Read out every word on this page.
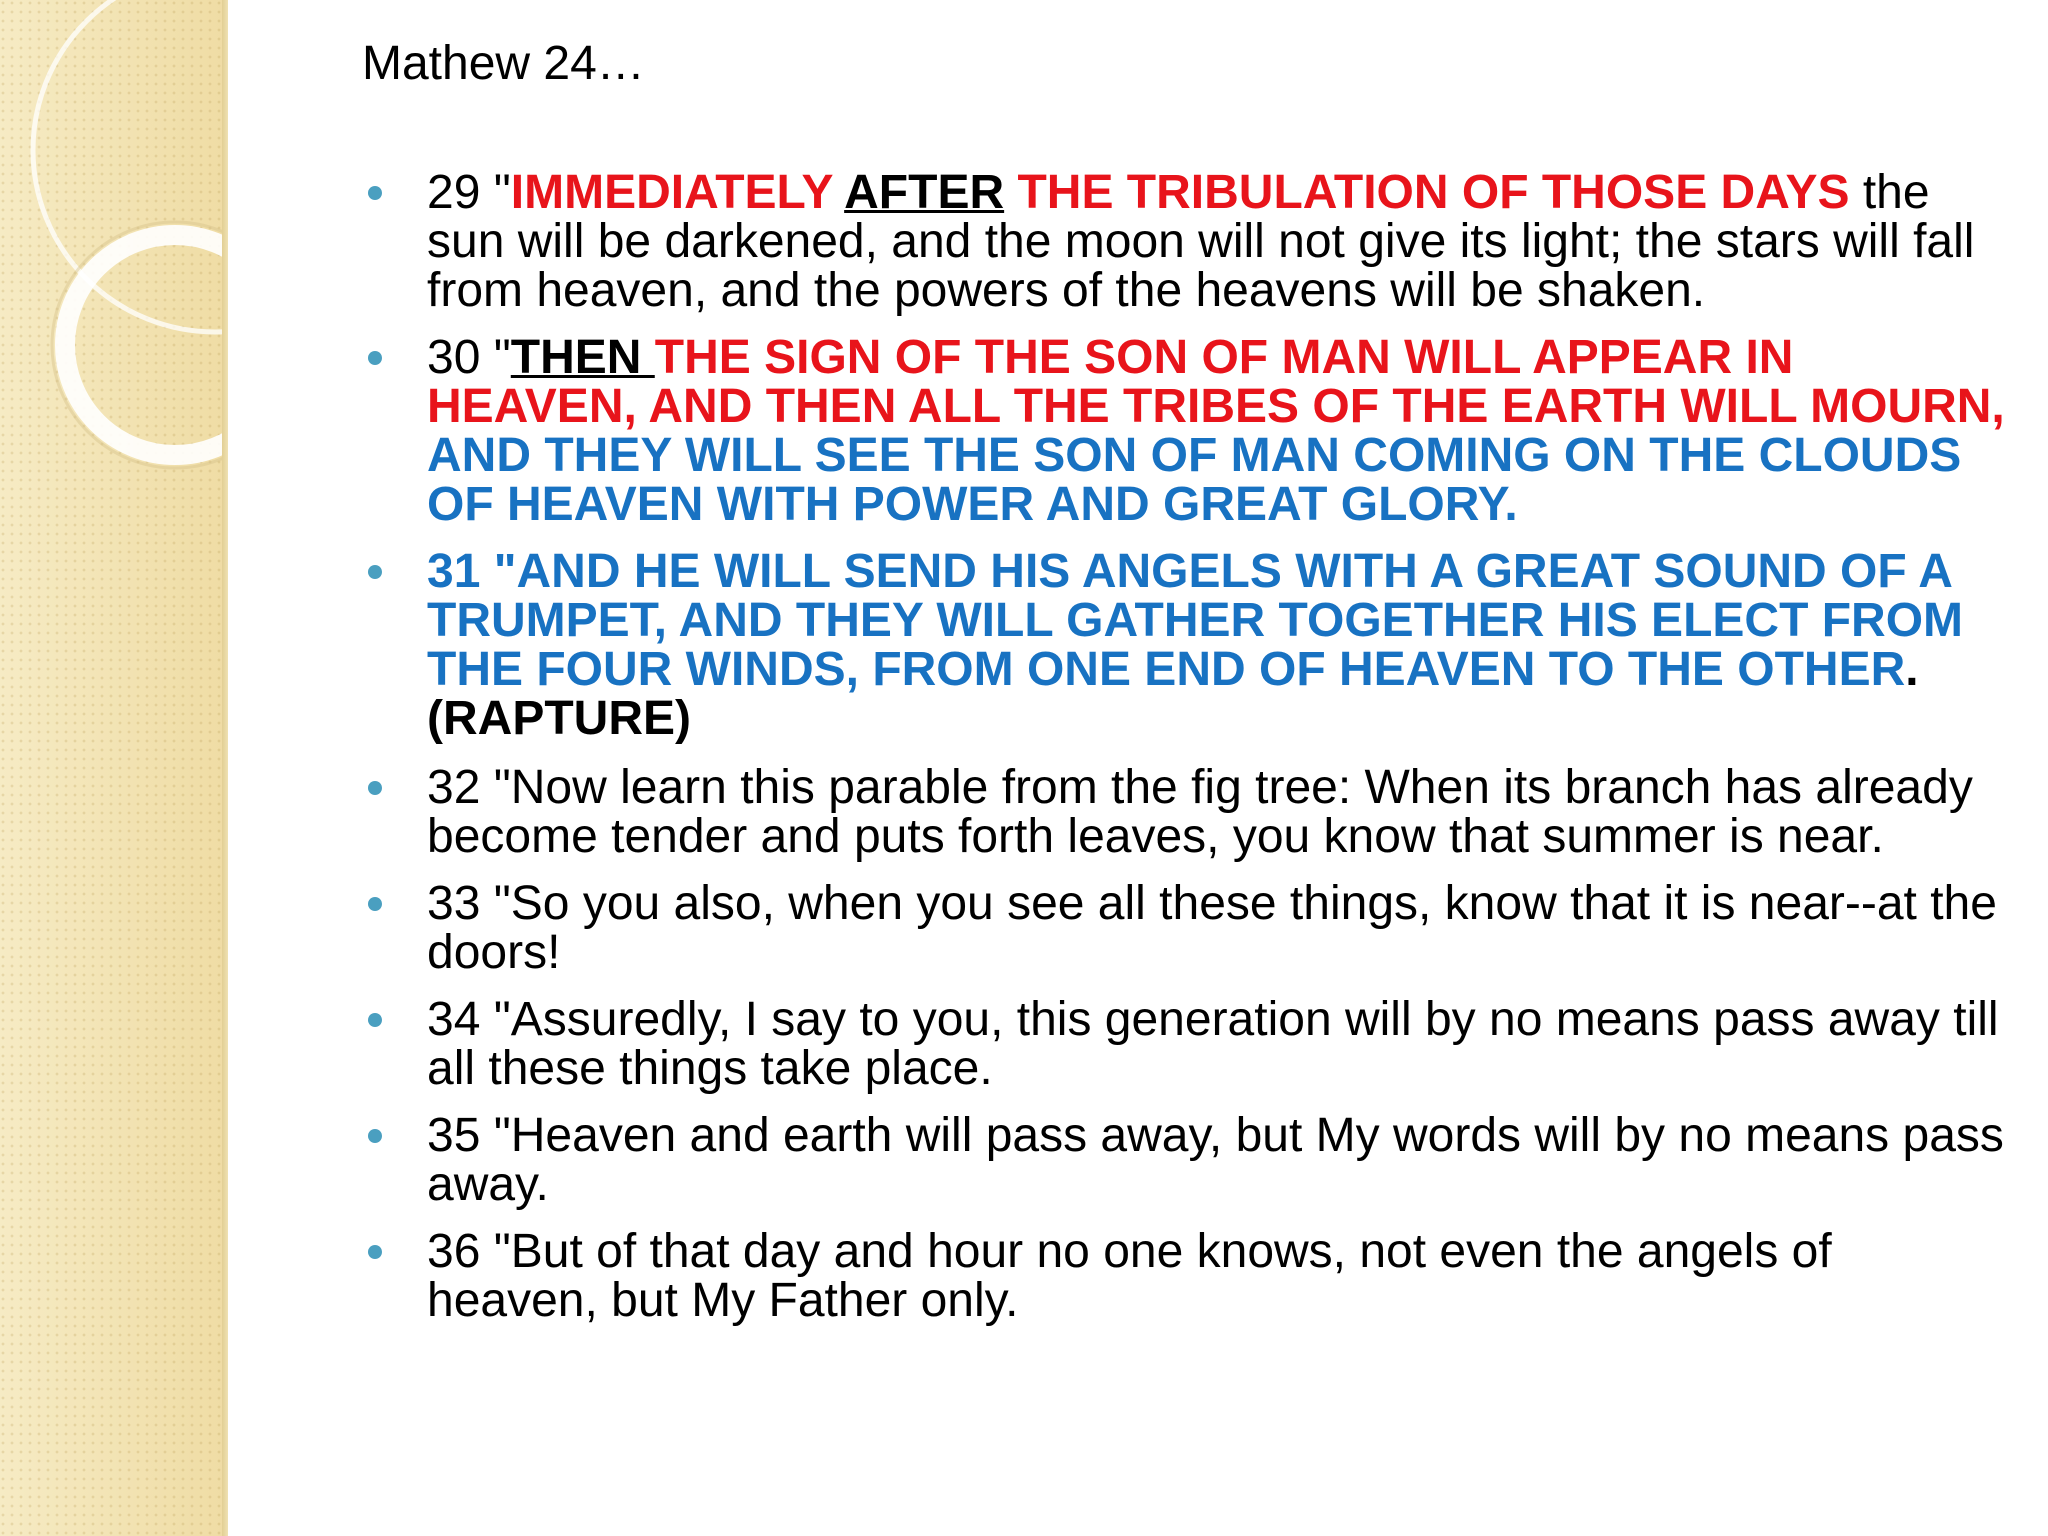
Mathew 24…
29 "IMMEDIATELY AFTER THE TRIBULATION OF THOSE DAYS the sun will be darkened, and the moon will not give its light; the stars will fall from heaven, and the powers of the heavens will be shaken.
30 "THEN THE SIGN OF THE SON OF MAN WILL APPEAR IN HEAVEN, AND THEN ALL THE TRIBES OF THE EARTH WILL MOURN, AND THEY WILL SEE THE SON OF MAN COMING ON THE CLOUDS OF HEAVEN WITH POWER AND GREAT GLORY.
31 "AND HE WILL SEND HIS ANGELS WITH A GREAT SOUND OF A TRUMPET, AND THEY WILL GATHER TOGETHER HIS ELECT FROM THE FOUR WINDS, FROM ONE END OF HEAVEN TO THE OTHER. (RAPTURE)
32 "Now learn this parable from the fig tree: When its branch has already become tender and puts forth leaves, you know that summer is near.
33 "So you also, when you see all these things, know that it is near--at the doors!
34 "Assuredly, I say to you, this generation will by no means pass away till all these things take place.
35 "Heaven and earth will pass away, but My words will by no means pass away.
36 "But of that day and hour no one knows, not even the angels of heaven, but My Father only.
